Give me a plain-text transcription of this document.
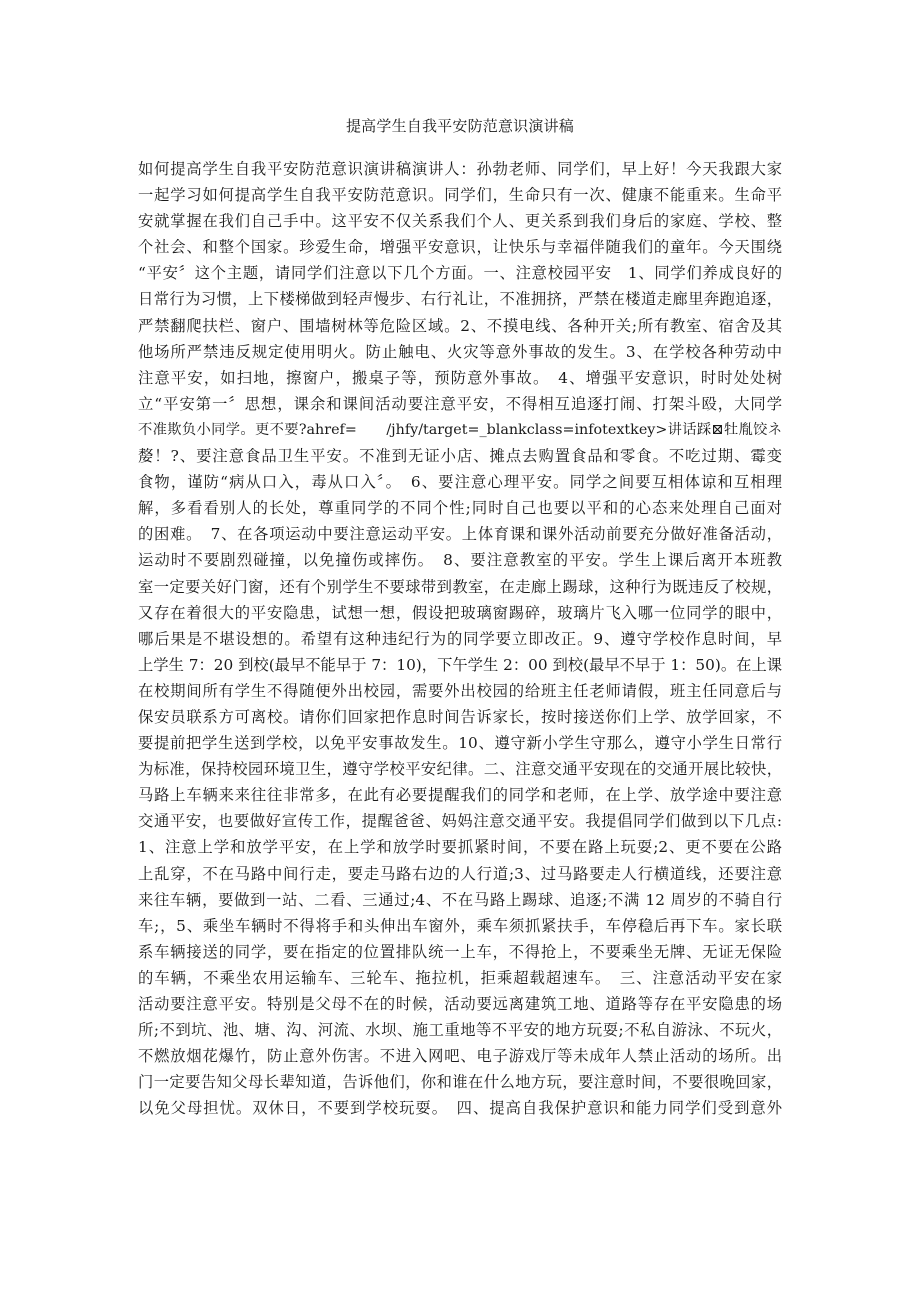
提高学生自我平安防范意识演讲稿
如何提高学生自我平安防范意识演讲稿演讲人：孙勃老师、同学们，早上好！今天我跟大家
一起学习如何提高学生自我平安防范意识。同学们，生命只有一次、健康不能重来。生命平
安就掌握在我们自己手中。这平安不仅关系我们个人、更关系到我们身后的家庭、学校、整
个社会、和整个国家。珍爱生命，增强平安意识，让快乐与幸福伴随我们的童年。今天围绕
“平安〞这个主题，请同学们注意以下几个方面。一、注意校园平安　1、同学们养成良好的
日常行为习惯，上下楼梯做到轻声慢步、右行礼让，不准拥挤，严禁在楼道走廊里奔跑追逐，
严禁翻爬扶栏、窗户、围墙树林等危险区域。2、不摸电线、各种开关;所有教室、宿舍及其
他场所严禁违反规定使用明火。防止触电、火灾等意外事故的发生。3、在学校各种劳动中
注意平安，如扫地，擦窗户，搬桌子等，预防意外事故。　4、增强平安意识，时时处处树
立“平安第一〞思想，课余和课间活动要注意平安，不得相互追逐打闹、打架斗殴，大同学
不准欺负小同学。更不要?ahref=　　/jhfy/target=_blankclass=infotextkey>讲话踩⊠牡胤饺ネ
嫠！?、要注意食品卫生平安。不准到无证小店、摊点去购置食品和零食。不吃过期、霉变
食物，谨防“病从口入，毒从口入〞。　6、要注意心理平安。同学之间要互相体谅和互相理
解，多看看别人的长处，尊重同学的不同个性;同时自己也要以平和的心态来处理自己面对
的困难。　7、在各项运动中要注意运动平安。上体育课和课外活动前要充分做好准备活动，
运动时不要剧烈碰撞，以免撞伤或摔伤。　8、要注意教室的平安。学生上课后离开本班教
室一定要关好门窗，还有个别学生不要球带到教室，在走廊上踢球，这种行为既违反了校规，
又存在着很大的平安隐患，试想一想，假设把玻璃窗踢碎，玻璃片飞入哪一位同学的眼中，
哪后果是不堪设想的。希望有这种违纪行为的同学要立即改正。9、遵守学校作息时间，早
上学生 7：20 到校(最早不能早于 7：10)，下午学生 2：00 到校(最早不早于 1：50)。在上课
在校期间所有学生不得随便外出校园，需要外出校园的给班主任老师请假，班主任同意后与
保安员联系方可离校。请你们回家把作息时间告诉家长，按时接送你们上学、放学回家，不
要提前把学生送到学校，以免平安事故发生。10、遵守新小学生守那么，遵守小学生日常行
为标准，保持校园环境卫生，遵守学校平安纪律。二、注意交通平安现在的交通开展比较快，
马路上车辆来来往往非常多，在此有必要提醒我们的同学和老师，在上学、放学途中要注意
交通平安，也要做好宣传工作，提醒爸爸、妈妈注意交通平安。我提倡同学们做到以下几点:
1、注意上学和放学平安，在上学和放学时要抓紧时间，不要在路上玩耍;2、更不要在公路
上乱穿，不在马路中间行走，要走马路右边的人行道;3、过马路要走人行横道线，还要注意
来往车辆，要做到一站、二看、三通过;4、不在马路上踢球、追逐;不满 12 周岁的不骑自行
车;，5、乘坐车辆时不得将手和头伸出车窗外，乘车须抓紧扶手，车停稳后再下车。家长联
系车辆接送的同学，要在指定的位置排队统一上车，不得抢上，不要乘坐无牌、无证无保险
的车辆，不乘坐农用运输车、三轮车、拖拉机，拒乘超载超速车。　三、注意活动平安在家
活动要注意平安。特别是父母不在的时候，活动要远离建筑工地、道路等存在平安隐患的场
所;不到坑、池、塘、沟、河流、水坝、施工重地等不平安的地方玩耍;不私自游泳、不玩火，
不燃放烟花爆竹，防止意外伤害。不进入网吧、电子游戏厅等未成年人禁止活动的场所。出
门一定要告知父母长辈知道，告诉他们，你和谁在什么地方玩，要注意时间，不要很晚回家，
以免父母担忧。双休日，不要到学校玩耍。　四、提高自我保护意识和能力同学们受到意外
